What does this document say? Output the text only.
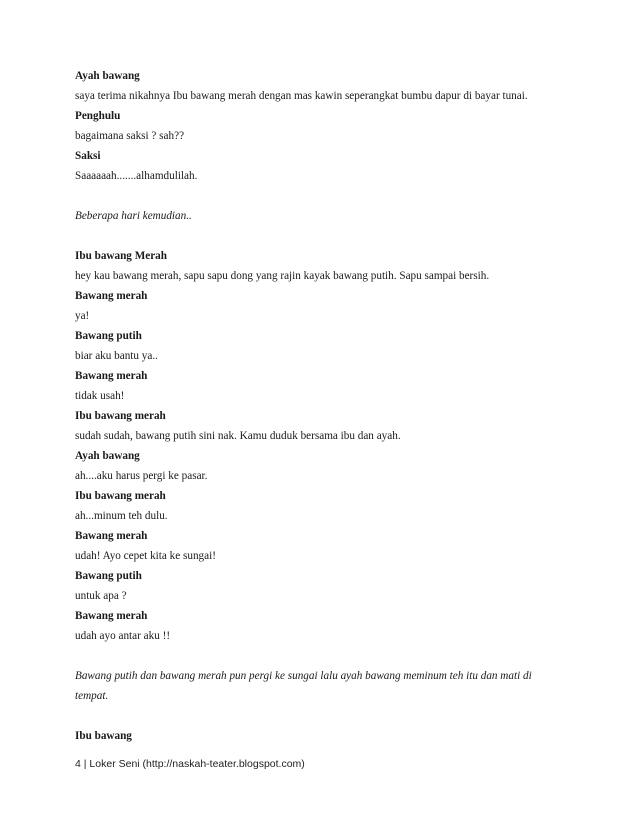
Ayah bawang
saya terima nikahnya Ibu bawang merah dengan mas kawin seperangkat bumbu dapur di bayar tunai.
Penghulu
bagaimana saksi ? sah??
Saksi
Saaaaaah.......alhamdulilah.
Beberapa hari kemudian..
Ibu bawang Merah
hey kau bawang merah, sapu sapu dong yang rajin kayak bawang putih. Sapu sampai bersih.
Bawang merah
ya!
Bawang putih
biar aku bantu ya..
Bawang merah
tidak usah!
Ibu bawang merah
sudah sudah, bawang putih sini nak. Kamu duduk bersama ibu dan ayah.
Ayah bawang
ah....aku harus pergi ke pasar.
Ibu bawang merah
ah...minum teh dulu.
Bawang merah
udah! Ayo cepet kita ke sungai!
Bawang putih
untuk apa ?
Bawang merah
udah ayo antar aku !!
Bawang putih dan bawang merah pun pergi ke sungai lalu ayah bawang meminum teh itu dan mati di tempat.
Ibu bawang
4 | Loker Seni (http://naskah-teater.blogspot.com)
